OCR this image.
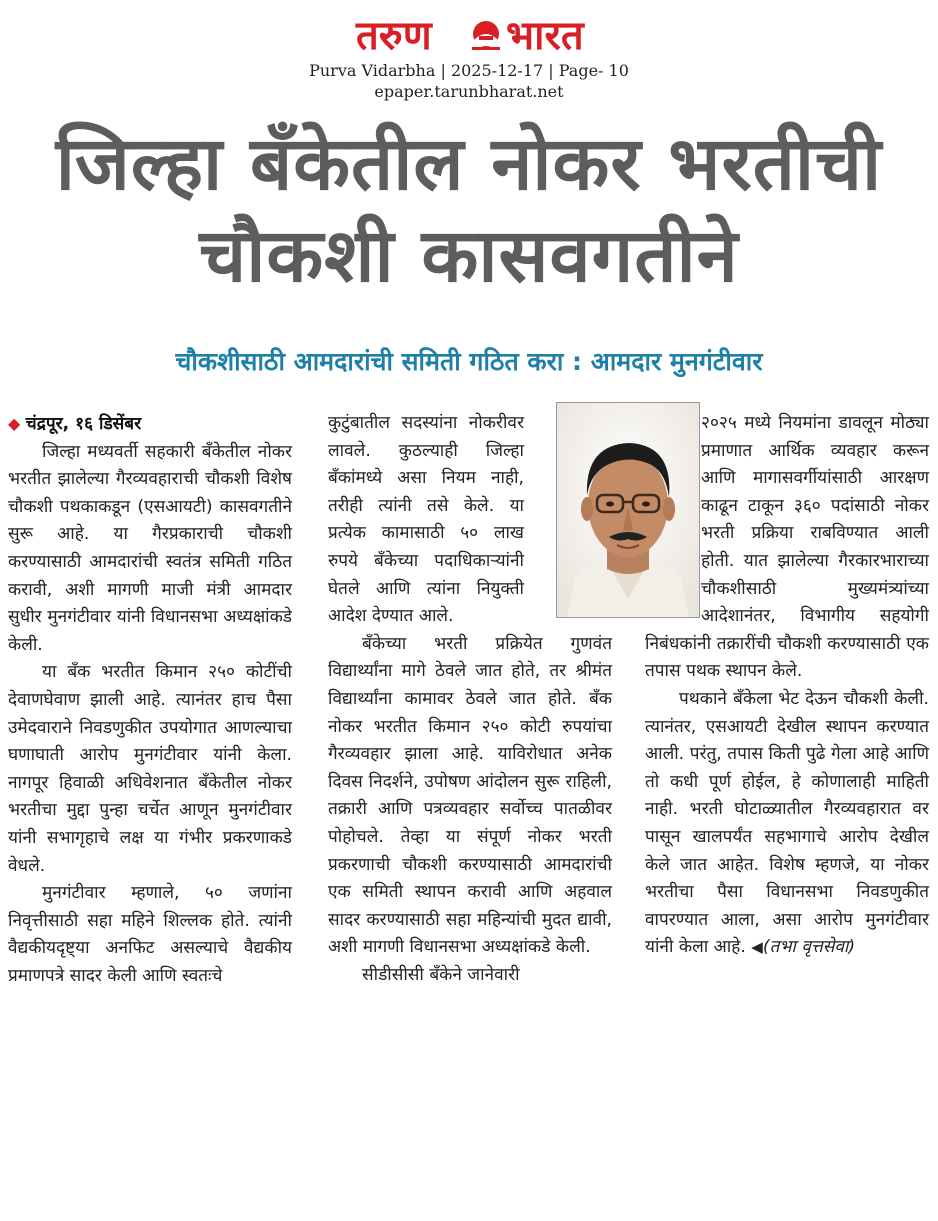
तरुण भारत
Purva Vidarbha | 2025-12-17 | Page- 10
epaper.tarunbharat.net
जिल्हा बँकेतील नोकर भरतीची
चौकशी कासवगतीने
चौकशीसाठी आमदारांची समिती गठित करा : आमदार मुनगंटीवार

◆ चंद्रपूर, १६ डिसेंबर

जिल्हा मध्यवर्ती सहकारी बँकेतील नोकर भरतीत झालेल्या गैरव्यवहाराची चौकशी विशेष चौकशी पथकाकडून (एसआयटी) कासवगतीने सुरू आहे. या गैरप्रकाराची चौकशी करण्यासाठी आमदारांची स्वतंत्र समिती गठित करावी, अशी मागणी माजी मंत्री आमदार सुधीर मुनगंटीवार यांनी विधानसभा अध्यक्षांकडे केली.

या बँक भरतीत किमान २५० कोटींची देवाणघेवाण झाली आहे. त्यानंतर हाच पैसा उमेदवाराने निवडणुकीत उपयोगात आणल्याचा घणाघाती आरोप मुनगंटीवार यांनी केला. नागपूर हिवाळी अधिवेशनात बँकेतील नोकर भरतीचा मुद्दा पुन्हा चर्चेत आणून मुनगंटीवार यांनी सभागृहाचे लक्ष या गंभीर प्रकरणाकडे वेधले.

मुनगंटीवार म्हणाले, ५० जणांना निवृत्तीसाठी सहा महिने शिल्लक होते. त्यांनी वैद्यकीयदृष्ट्या अनफिट असल्याचे वैद्यकीय प्रमाणपत्रे सादर केली आणि स्वतःचे

कुटुंबातील सदस्यांना नोकरीवर लावले. कुठल्याही जिल्हा बँकांमध्ये असा नियम नाही, तरीही त्यांनी तसे केले. या प्रत्येक कामासाठी ५० लाख रुपये बँकेच्या पदाधिकाऱ्यांनी घेतले आणि त्यांना नियुक्ती आदेश देण्यात आले.

बँकेच्या भरती प्रक्रियेत गुणवंत विद्यार्थ्यांना मागे ठेवले जात होते, तर श्रीमंत विद्यार्थ्यांना कामावर ठेवले जात होते. बँक नोकर भरतीत किमान २५० कोटी रुपयांचा गैरव्यवहार झाला आहे. याविरोधात अनेक दिवस निदर्शने, उपोषण आंदोलन सुरू राहिली, तक्रारी आणि पत्रव्यवहार सर्वोच्च पातळीवर पोहोचले. तेव्हा या संपूर्ण नोकर भरती प्रकरणाची चौकशी करण्यासाठी आमदारांची एक समिती स्थापन करावी आणि अहवाल सादर करण्यासाठी सहा महिन्यांची मुदत द्यावी, अशी मागणी विधानसभा अध्यक्षांकडे केली.

सीडीसीसी बँकेने जानेवारी

२०२५ मध्ये नियमांना डावलून मोठ्या प्रमाणात आर्थिक व्यवहार करून आणि मागासवर्गीयांसाठी आरक्षण काढून टाकून ३६० पदांसाठी नोकर भरती प्रक्रिया राबविण्यात आली होती. यात झालेल्या गैरकारभाराच्या चौकशीसाठी मुख्यमंत्र्यांच्या आदेशानंतर, विभागीय सहयोगी निबंधकांनी तक्रारींची चौकशी करण्यासाठी एक तपास पथक स्थापन केले.

पथकाने बँकेला भेट देऊन चौकशी केली. त्यानंतर, एसआयटी देखील स्थापन करण्यात आली. परंतु, तपास किती पुढे गेला आहे आणि तो कधी पूर्ण होईल, हे कोणालाही माहिती नाही. भरती घोटाळ्यातील गैरव्यवहारात वर पासून खालपर्यंत सहभागाचे आरोप देखील केले जात आहेत. विशेष म्हणजे, या नोकर भरतीचा पैसा विधानसभा निवडणुकीत वापरण्यात आला, असा आरोप मुनगंटीवार यांनी केला आहे. ◀(तभा वृत्तसेवा)
